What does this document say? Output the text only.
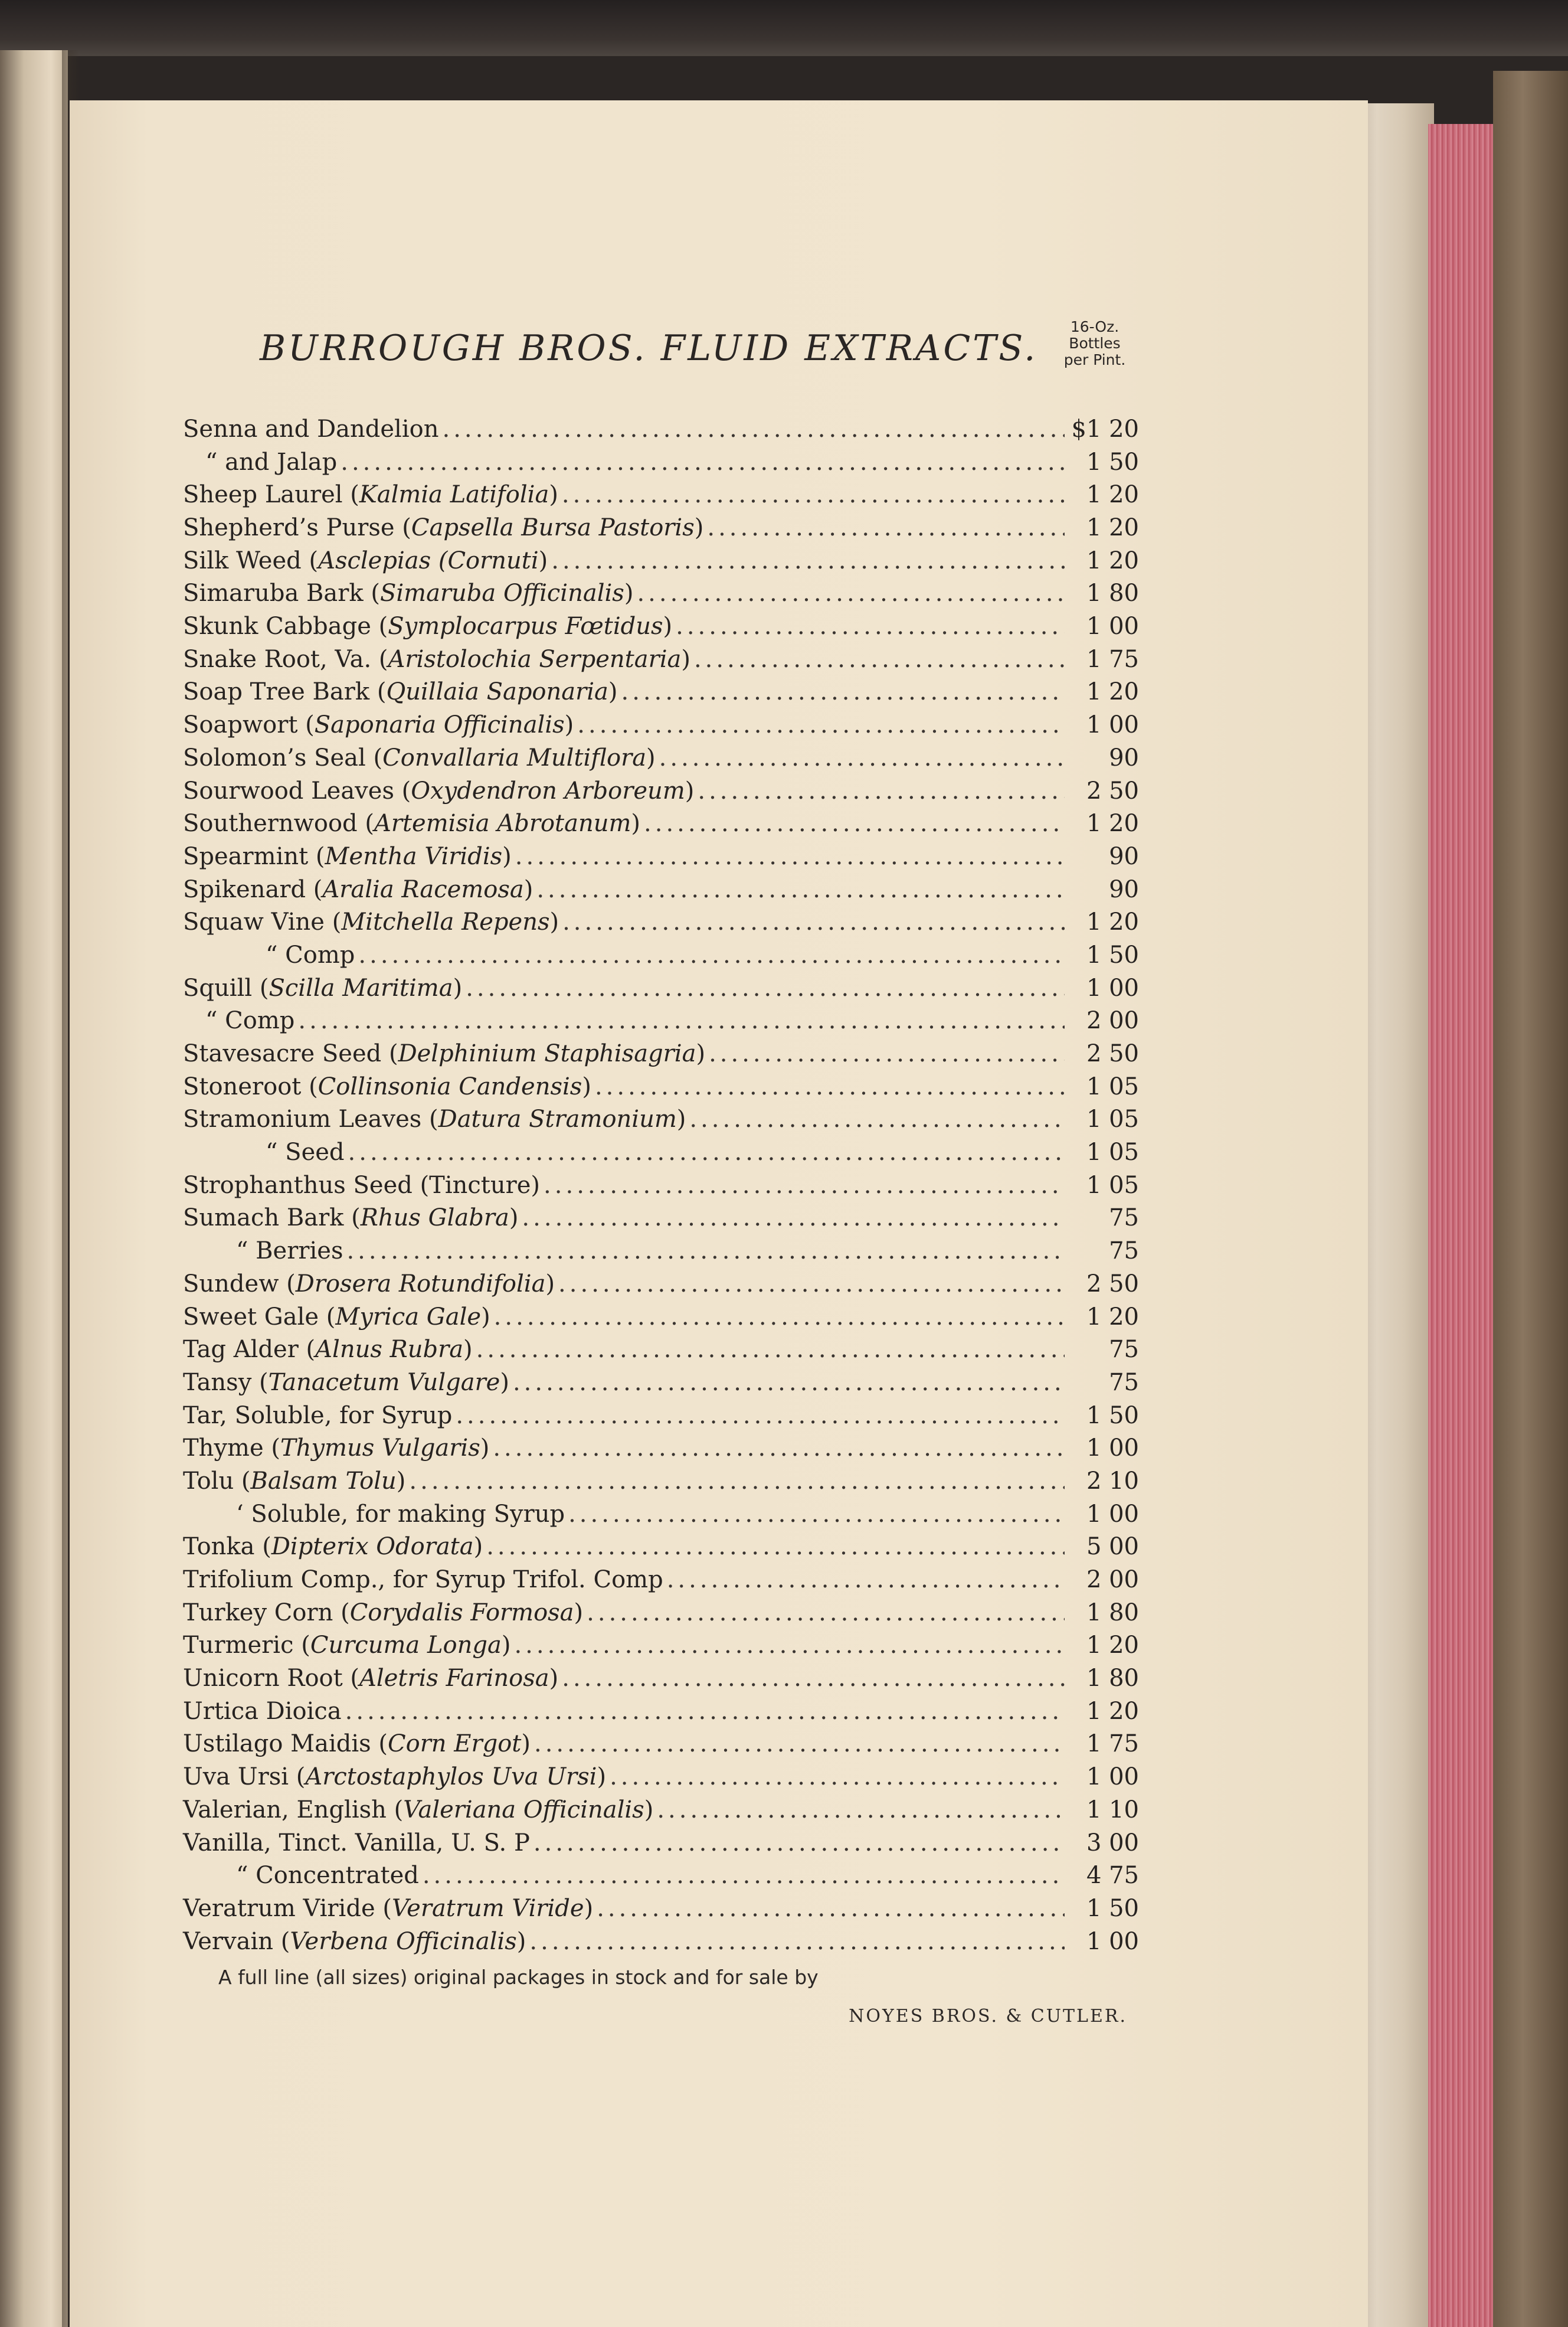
BURROUGH BROS. FLUID EXTRACTS.
16-Oz.
Bottles
per Pint.
Senna and Dandelion .....	$1 20
“ and Jalap .....	1 50
Sheep Laurel (Kalmia Latifolia) .....	1 20
Shepherd’s Purse (Capsella Bursa Pastoris) .....	1 20
Silk Weed (Asclepias (Cornuti) .....	1 20
Simaruba Bark (Simaruba Officinalis) .....	1 80
Skunk Cabbage (Symplocarpus Fœtidus) .....	1 00
Snake Root, Va. (Aristolochia Serpentaria) .....	1 75
Soap Tree Bark (Quillaia Saponaria) .....	1 20
Soapwort (Saponaria Officinalis) .....	1 00
Solomon’s Seal (Convallaria Multiflora) .....	90
Sourwood Leaves (Oxydendron Arboreum) .....	2 50
Southernwood (Artemisia Abrotanum) .....	1 20
Spearmint (Mentha Viridis) .....	90
Spikenard (Aralia Racemosa) .....	90
Squaw Vine (Mitchella Repens) .....	1 20
“ Comp .....	1 50
Squill (Scilla Maritima) .....	1 00
“ Comp .....	2 00
Stavesacre Seed (Delphinium Staphisagria) .....	2 50
Stoneroot (Collinsonia Candensis) .....	1 05
Stramonium Leaves (Datura Stramonium) .....	1 05
“ Seed .....	1 05
Strophanthus Seed (Tincture) .....	1 05
Sumach Bark (Rhus Glabra) .....	75
“ Berries .....	75
Sundew (Drosera Rotundifolia) .....	2 50
Sweet Gale (Myrica Gale) .....	1 20
Tag Alder (Alnus Rubra) .....	75
Tansy (Tanacetum Vulgare) .....	75
Tar, Soluble, for Syrup .....	1 50
Thyme (Thymus Vulgaris) .....	1 00
Tolu (Balsam Tolu) .....	2 10
‘ Soluble, for making Syrup .....	1 00
Tonka (Dipterix Odorata) .....	5 00
Trifolium Comp., for Syrup Trifol. Comp .....	2 00
Turkey Corn (Corydalis Formosa) .....	1 80
Turmeric (Curcuma Longa) .....	1 20
Unicorn Root (Aletris Farinosa) .....	1 80
Urtica Dioica .....	1 20
Ustilago Maidis (Corn Ergot) .....	1 75
Uva Ursi (Arctostaphylos Uva Ursi) .....	1 00
Valerian, English (Valeriana Officinalis) .....	1 10
Vanilla, Tinct. Vanilla, U. S. P .....	3 00
“ Concentrated .....	4 75
Veratrum Viride (Veratrum Viride) .....	1 50
Vervain (Verbena Officinalis) .....	1 00
A full line (all sizes) original packages in stock and for sale by
NOYES BROS. & CUTLER.
